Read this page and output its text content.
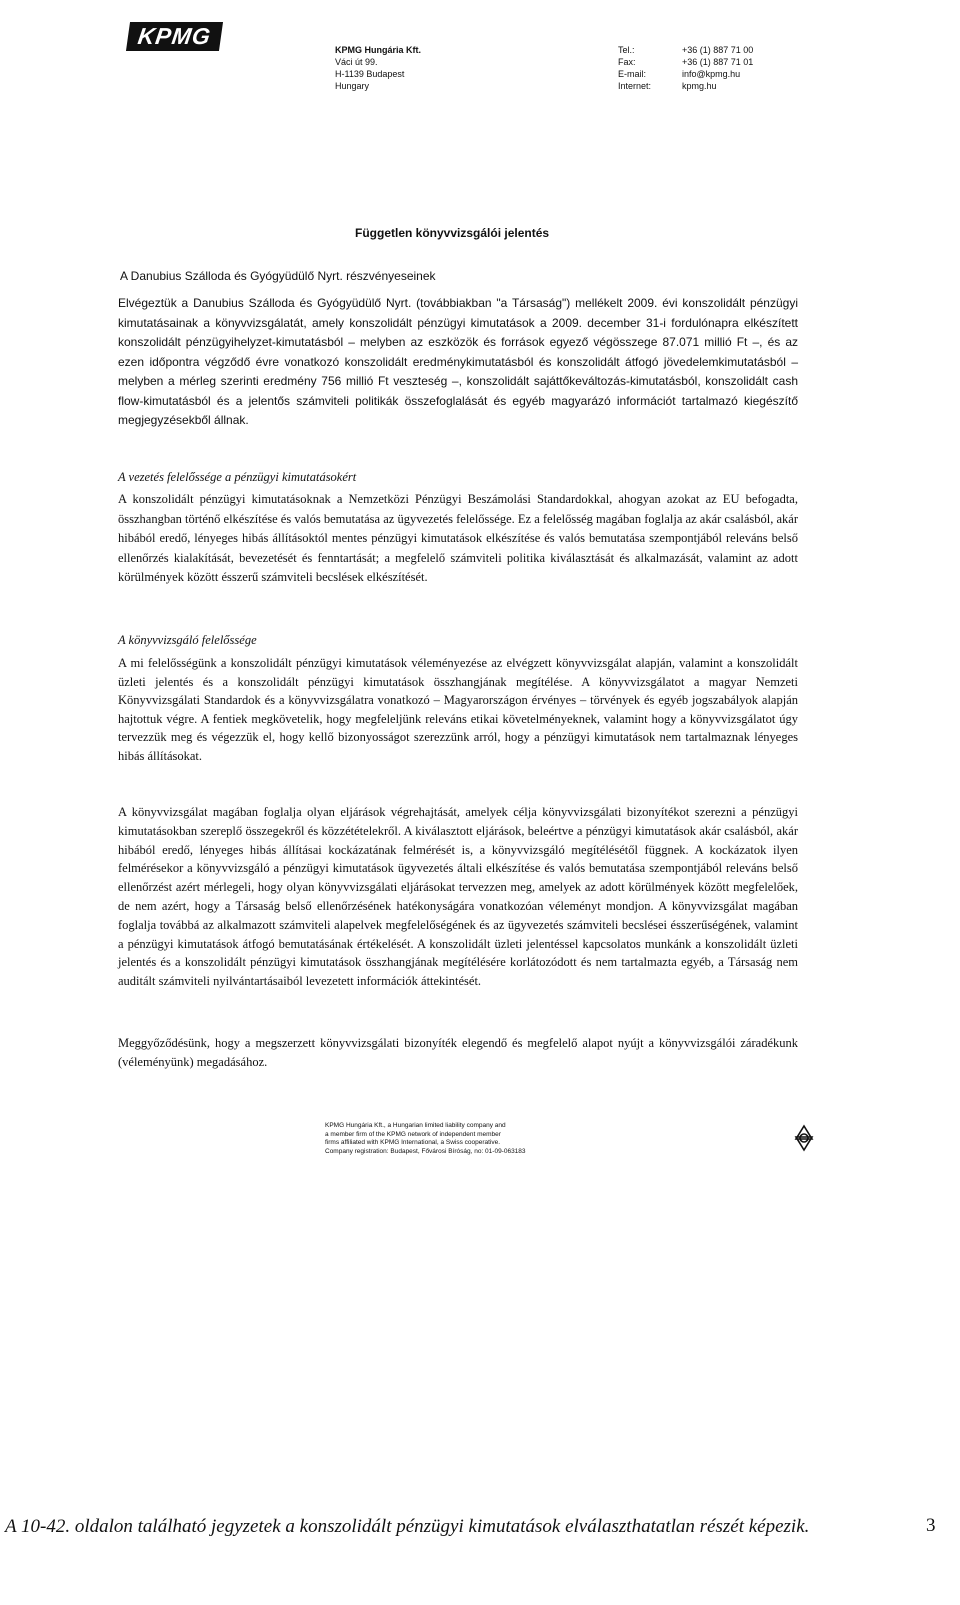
KPMG
KPMG Hungária Kft.
Váci út 99.
H-1139 Budapest
Hungary
Tel.:	+36 (1) 887 71 00
Fax:	+36 (1) 887 71 01
E-mail:	info@kpmg.hu
Internet:	kpmg.hu
Független könyvvizsgálói jelentés
A Danubius Szálloda és Gyógyüdülő Nyrt. részvényeseinek
Elvégeztük a Danubius Szálloda és Gyógyüdülő Nyrt. (továbbiakban "a Társaság") mellékelt 2009. évi konszolidált pénzügyi kimutatásainak a könyvvizsgálatát, amely konszolidált pénzügyi kimutatások a 2009. december 31-i fordulónapra elkészített konszolidált pénzügyihelyzet-kimutatásból – melyben az eszközök és források egyező végösszege 87.071 millió Ft –, és az ezen időpontra végződő évre vonatkozó konszolidált eredménykimutatásból és konszolidált átfogó jövedelemkimutatásból – melyben a mérleg szerinti eredmény 756 millió Ft veszteség –, konszolidált sajáttőkeváltozás-kimutatásból, konszolidált cash flow-kimutatásból és a jelentős számviteli politikák összefoglalását és egyéb magyarázó információt tartalmazó kiegészítő megjegyzésekből állnak.
A vezetés felelőssége a pénzügyi kimutatásokért
A konszolidált pénzügyi kimutatásoknak a Nemzetközi Pénzügyi Beszámolási Standardokkal, ahogyan azokat az EU befogadta, összhangban történő elkészítése és valós bemutatása az ügyvezetés felelőssége. Ez a felelősség magában foglalja az akár csalásból, akár hibából eredő, lényeges hibás állításoktól mentes pénzügyi kimutatások elkészítése és valós bemutatása szempontjából releváns belső ellenőrzés kialakítását, bevezetését és fenntartását; a megfelelő számviteli politika kiválasztását és alkalmazását, valamint az adott körülmények között ésszerű számviteli becslések elkészítését.
A könyvvizsgáló felelőssége
A mi felelősségünk a konszolidált pénzügyi kimutatások véleményezése az elvégzett könyvvizsgálat alapján, valamint a konszolidált üzleti jelentés és a konszolidált pénzügyi kimutatások összhangjának megítélése. A könyvvizsgálatot a magyar Nemzeti Könyvvizsgálati Standardok és a könyvvizsgálatra vonatkozó – Magyarországon érvényes – törvények és egyéb jogszabályok alapján hajtottuk végre. A fentiek megkövetelik, hogy megfeleljünk releváns etikai követelményeknek, valamint hogy a könyvvizsgálatot úgy tervezzük meg és végezzük el, hogy kellő bizonyosságot szerezzünk arról, hogy a pénzügyi kimutatások nem tartalmaznak lényeges hibás állításokat.
A könyvvizsgálat magában foglalja olyan eljárások végrehajtását, amelyek célja könyvvizsgálati bizonyítékot szerezni a pénzügyi kimutatásokban szereplő összegekről és közzétételekről. A kiválasztott eljárások, beleértve a pénzügyi kimutatások akár csalásból, akár hibából eredő, lényeges hibás állításai kockázatának felmérését is, a könyvvizsgáló megítélésétől függnek. A kockázatok ilyen felmérésekor a könyvvizsgáló a pénzügyi kimutatások ügyvezetés általi elkészítése és valós bemutatása szempontjából releváns belső ellenőrzést azért mérlegeli, hogy olyan könyvvizsgálati eljárásokat tervezzen meg, amelyek az adott körülmények között megfelelőek, de nem azért, hogy a Társaság belső ellenőrzésének hatékonyságára vonatkozóan véleményt mondjon. A könyvvizsgálat magában foglalja továbbá az alkalmazott számviteli alapelvek megfelelőségének és az ügyvezetés számviteli becslései ésszerűségének, valamint a pénzügyi kimutatások átfogó bemutatásának értékelését. A konszolidált üzleti jelentéssel kapcsolatos munkánk a konszolidált üzleti jelentés és a konszolidált pénzügyi kimutatások összhangjának megítélésére korlátozódott és nem tartalmazta egyéb, a Társaság nem auditált számviteli nyilvántartásaiból levezetett információk áttekintését.
Meggyőződésünk, hogy a megszerzett könyvvizsgálati bizonyíték elegendő és megfelelő alapot nyújt a könyvvizsgálói záradékunk (véleményünk) megadásához.
KPMG Hungária Kft., a Hungarian limited liability company and
a member firm of the KPMG network of independent member
firms affiliated with KPMG International, a Swiss cooperative.
Company registration: Budapest, Fővárosi Bíróság, no: 01-09-063183
A 10-42. oldalon található jegyzetek a konszolidált pénzügyi kimutatások elválaszthatatlan részét képezik.	3
